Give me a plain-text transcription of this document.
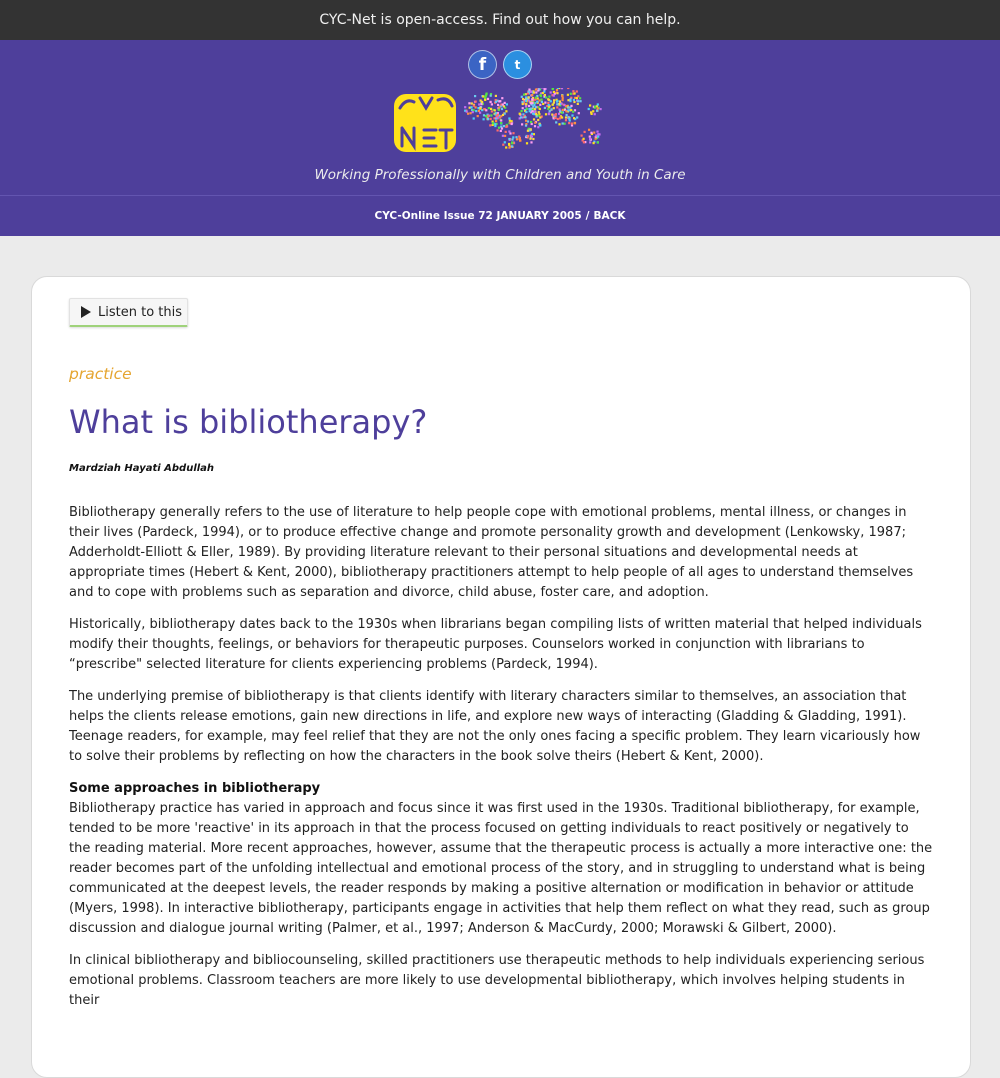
CYC-Net is open-access. Find out how you can help.
f	t
Working Professionally with Children and Youth in Care
CYC-Online Issue 72 JANUARY 2005 / BACK
Listen to this
practice
What is bibliotherapy?
Mardziah Hayati Abdullah

Bibliotherapy generally refers to the use of literature to help people cope with emotional problems, mental illness, or changes in their lives (Pardeck, 1994), or to produce effective change and promote personality growth and development (Lenkowsky, 1987; Adderholdt-Elliott & Eller, 1989). By providing literature relevant to their personal situations and developmental needs at appropriate times (Hebert & Kent, 2000), bibliotherapy practitioners attempt to help people of all ages to understand themselves and to cope with problems such as separation and divorce, child abuse, foster care, and adoption.

Historically, bibliotherapy dates back to the 1930s when librarians began compiling lists of written material that helped individuals modify their thoughts, feelings, or behaviors for therapeutic purposes. Counselors worked in conjunction with librarians to “prescribe" selected literature for clients experiencing problems (Pardeck, 1994).

The underlying premise of bibliotherapy is that clients identify with literary characters similar to themselves, an association that helps the clients release emotions, gain new directions in life, and explore new ways of interacting (Gladding & Gladding, 1991). Teenage readers, for example, may feel relief that they are not the only ones facing a specific problem. They learn vicariously how to solve their problems by reflecting on how the characters in the book solve theirs (Hebert & Kent, 2000).

Some approaches in bibliotherapy

Bibliotherapy practice has varied in approach and focus since it was first used in the 1930s. Traditional bibliotherapy, for example, tended to be more 'reactive' in its approach in that the process focused on getting individuals to react positively or negatively to the reading material. More recent approaches, however, assume that the therapeutic process is actually a more interactive one: the reader becomes part of the unfolding intellectual and emotional process of the story, and in struggling to understand what is being communicated at the deepest levels, the reader responds by making a positive alternation or modification in behavior or attitude (Myers, 1998). In interactive bibliotherapy, participants engage in activities that help them reflect on what they read, such as group discussion and dialogue journal writing (Palmer, et al., 1997; Anderson & MacCurdy, 2000; Morawski & Gilbert, 2000).

In clinical bibliotherapy and bibliocounseling, skilled practitioners use therapeutic methods to help individuals experiencing serious emotional problems. Classroom teachers are more likely to use developmental bibliotherapy, which involves helping students in their
